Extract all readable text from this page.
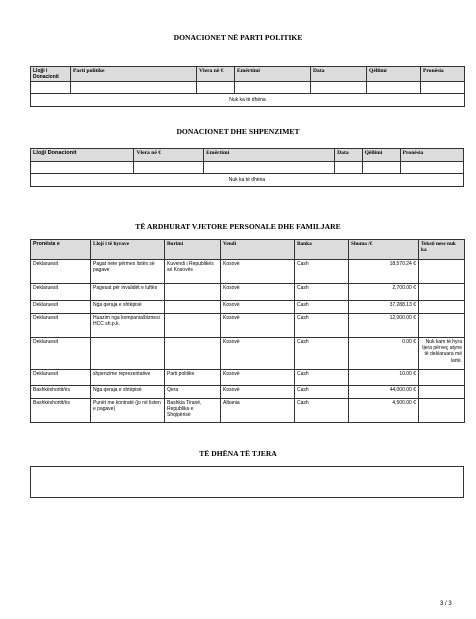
DONACIONET NË PARTI POLITIKE
Llojji i Donacionit	Parti politike	Vlera në €	Emërtimi	Data	Qëllimi	Pronësia

Nuk ka të dhëna						
DONACIONET DHE SHPENZIMET
Llojji Donacionit	Vlera në €	Emërtimi	Data	Qëllimi	Pronësia

Nuk ka të dhëna					
TË ARDHURAT VJETORE PERSONALE DHE FAMILJARE
Pronësia e	Lloji i të hyrave	Burimi	Vendi	Banka	Shuma /€	Teksti nese nuk ka
Deklaruesit	Pagat nete përmes listës së pagave	Kuvendi i Republikës së Kosovës	Kosovë	Cash	18,570.24 €	
Deklaruesit	Pagesat për invalidët e luftës		Kosovë	Cash	2,700.00 €	
Deklaruesit	Nga qeraja e shtëpisë		Kosovë	Cash	37,288.13 €	
Deklaruesit	Huazim nga kompania/biznesi HCC sh.p.k.		Kosovë	Cash	12,000.00 €	
Deklaruesit			Kosovë	Cash	0.00 €	Nuk kam të hyra tjera përveç atyne të deklaruara më lartë.
Deklaruesit	shpenzime reprezentative	Parti politike	Kosovë	Cash	10.00 €	
Bashkëshortit/ës	Nga qeraja e shtëpisë	Qera	Kosovë	Cash	44,000.00 €	
Bashkëshortit/ës	Punët me kontratë (jo në listen e pagave)	Bashkia Tiranë, Republika e Shqipërisë	Albania	Cash	4,500.00 €	
TË DHËNA TË TJERA
3 / 3
